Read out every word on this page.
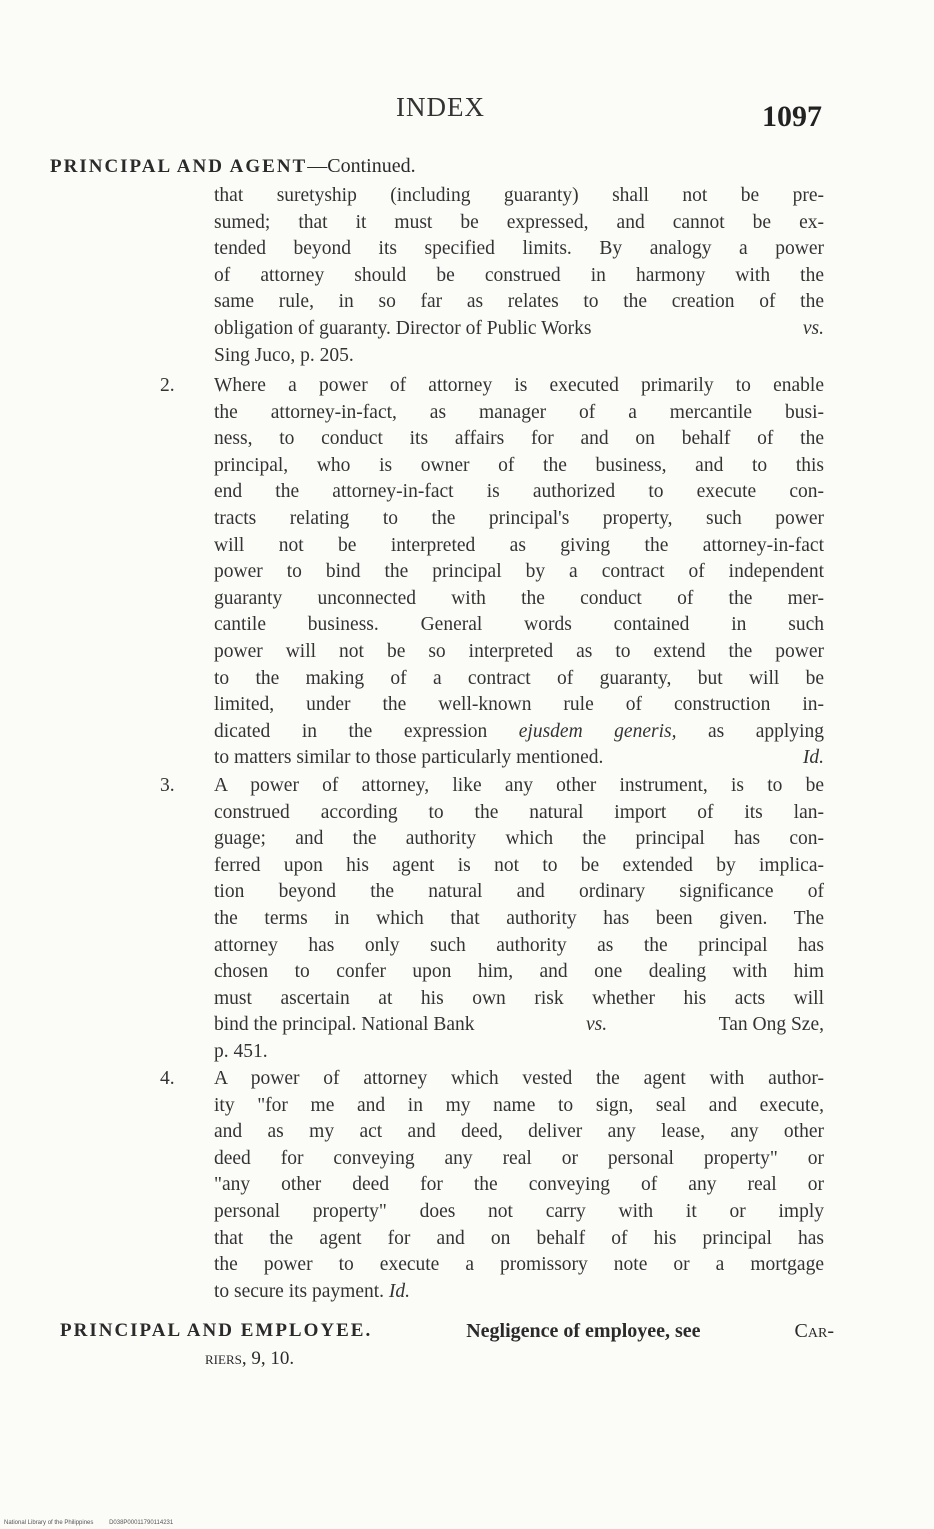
INDEX	1097
PRINCIPAL AND AGENT—Continued.
that suretyship (including guaranty) shall not be pre-
sumed; that it must be expressed, and cannot be ex-
tended beyond its specified limits. By analogy a power
of attorney should be construed in harmony with the
same rule, in so far as relates to the creation of the
obligation of guaranty. Director of Public Works	vs.
Sing Juco, p. 205.
2.	Where a power of attorney is executed primarily to enable
the attorney-in-fact, as manager of a mercantile busi-
ness, to conduct its affairs for and on behalf of the
principal, who is owner of the business, and to this
end the attorney-in-fact is authorized to execute con-
tracts relating to the principal's property, such power
will not be interpreted as giving the attorney-in-fact
power to bind the principal by a contract of independent
guaranty unconnected with the conduct of the mer-
cantile business. General words contained in such
power will not be so interpreted as to extend the power
to the making of a contract of guaranty, but will be
limited, under the well-known rule of construction in-
dicated in the expression ejusdem generis, as applying
to matters similar to those particularly mentioned.	Id.
3.	A power of attorney, like any other instrument, is to be
construed according to the natural import of its lan-
guage; and the authority which the principal has con-
ferred upon his agent is not to be extended by implica-
tion beyond the natural and ordinary significance of
the terms in which that authority has been given. The
attorney has only such authority as the principal has
chosen to confer upon him, and one dealing with him
must ascertain at his own risk whether his acts will
bind the principal. National Bank	vs.	Tan Ong Sze,
p. 451.
4.	A power of attorney which vested the agent with author-
ity "for me and in my name to sign, seal and execute,
and as my act and deed, deliver any lease, any other
deed for conveying any real or personal property" or
"any other deed for the conveying of any real or
personal property" does not carry with it or imply
that the agent for and on behalf of his principal has
the power to execute a promissory note or a mortgage
to secure its payment. Id.
PRINCIPAL AND EMPLOYEE.	Negligence of employee, see	Car-
riers, 9, 10.
National Library of the Philippines	D038P00011790114231
